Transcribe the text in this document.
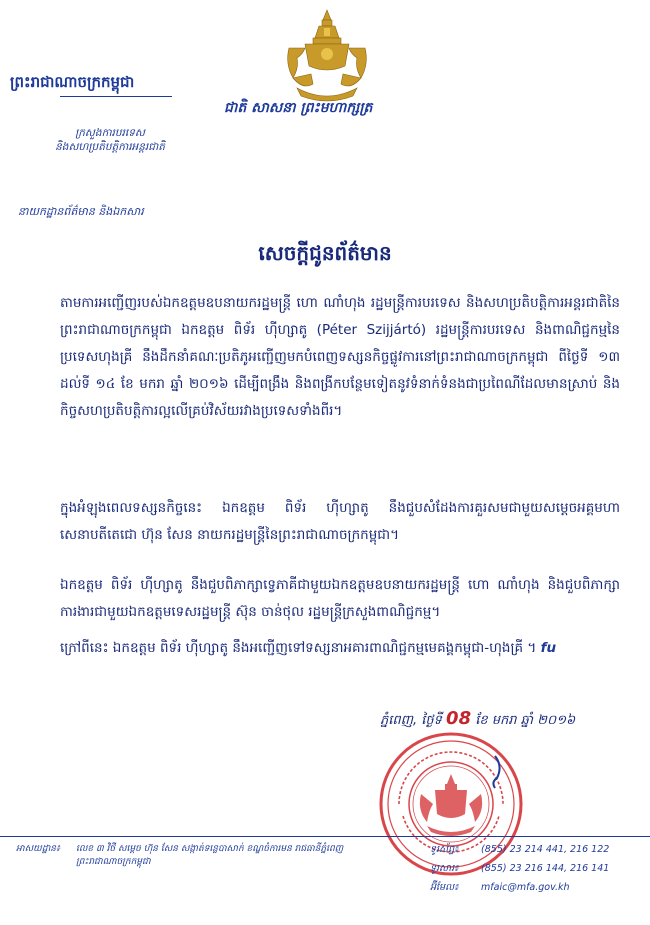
ព្រះរាជាណាចក្រកម្ពុជា
ជាតិ សាសនា ព្រះមហាក្សត្រ
ក្រសួងការបរទេស
និងសហប្រតិបត្តិការអន្តរជាតិ
នាយកដ្ឋានព័ត៌មាន និងឯកសារ
សេចក្តីជូនព័ត៌មាន
តាមការអញ្ជើញរបស់ឯកឧត្តមឧបនាយករដ្ឋមន្ត្រី ហោ ណាំហុង រដ្ឋមន្ត្រីការបរទេស និងសហប្រតិបត្តិការអន្តរជាតិនៃព្រះរាជាណាចក្រកម្ពុជា ឯកឧត្តម ពិទ័រ ហ៊ីហ្សាតូ (Péter Szijjártó) រដ្ឋមន្ត្រីការបរទេស និងពាណិជ្ជកម្មនៃប្រទេសហុងគ្រី នឹងដឹកនាំគណៈប្រតិភូអញ្ជើញមកបំពេញទស្សនកិច្ចផ្លូវការនៅព្រះរាជាណាចក្រកម្ពុជា ពីថ្ងៃទី ១៣ ដល់ទី ១៤ ខែ មករា ឆ្នាំ ២០១៦ ដើម្បីពង្រឹង និងពង្រីកបន្ថែមទៀតនូវទំនាក់ទំនងជាប្រពៃណីដែលមានស្រាប់ និងកិច្ចសហប្រតិបត្តិការល្អលើគ្រប់វិស័យរវាងប្រទេសទាំងពីរ។
ក្នុងអំឡុងពេលទស្សនកិច្ចនេះ ឯកឧត្តម ពិទ័រ ហ៊ីហ្សាតូ នឹងជួបសំដែងការគួរសមជាមួយសម្តេចអគ្គមហាសេនាបតីតេជោ ហ៊ុន សែន នាយករដ្ឋមន្ត្រីនៃព្រះរាជាណាចក្រកម្ពុជា។
ឯកឧត្តម ពិទ័រ ហ៊ីហ្សាតូ នឹងជួបពិភាក្សាទ្វេភាគីជាមួយឯកឧត្តមឧបនាយករដ្ឋមន្ត្រី ហោ ណាំហុង និងជួបពិភាក្សាការងារជាមួយឯកឧត្តមទេសរដ្ឋមន្ត្រី ស៊ុន ចាន់ថុល រដ្ឋមន្ត្រីក្រសួងពាណិជ្ជកម្ម។
ក្រៅពីនេះ ឯកឧត្តម ពិទ័រ ហ៊ីហ្សាតូ នឹងអញ្ជើញទៅទស្សនាអគារពាណិជ្ជកម្មមេគង្គកម្ពុជា-ហុងគ្រី ។ fu
ភ្នំពេញ, ថ្ងៃទី 08 ខែ មករា ឆ្នាំ ២០១៦
អាសយដ្ឋាន៖ លេខ ៣ វិថី សម្តេច ហ៊ុន សែន សង្កាត់ទន្លេបាសាក់ ខណ្ឌចំការមន រាជធានីភ្នំពេញ ព្រះរាជាណាចក្រកម្ពុជា
ទូរស័ព្ទ៖ (855) 23 214 441, 216 122
ទូរសារ៖ (855) 23 216 144, 216 141
អ៊ីមែល៖ mfaic@mfa.gov.kh
